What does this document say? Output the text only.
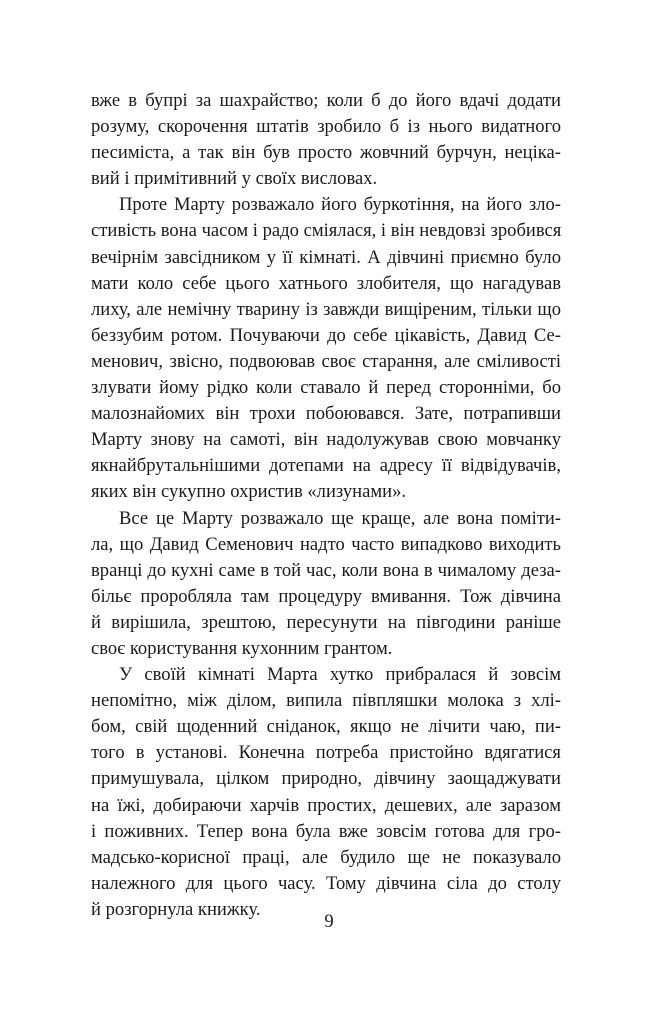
вже в бупрі за шахрайство; коли б до його вдачі додати
розуму, скорочення штатів зробило б із нього видатного
песиміста, а так він був просто жовчний бурчун, неціка-
вий і примітивний у своїх висловах.
Проте Марту розважало його буркотіння, на його зло-
стивість вона часом і радо сміялася, і він невдовзі зробився
вечірнім завсідником у її кімнаті. А дівчині приємно було
мати коло себе цього хатнього злобителя, що нагадував
лиху, але немічну тварину із завжди вищіреним, тільки що
беззубим ротом. Почуваючи до себе цікавість, Давид Се-
менович, звісно, подвоював своє старання, але сміливості
злувати йому рідко коли ставало й перед сторонніми, бо
малознайомих він трохи побоювався. Зате, потрапивши
Марту знову на самоті, він надолужував свою мовчанку
якнайбрутальнішими дотепами на адресу її відвідувачів,
яких він сукупно охристив «лизунами».
Все це Марту розважало ще краще, але вона поміти-
ла, що Давид Семенович надто часто випадково виходить
вранці до кухні саме в той час, коли вона в чималому деза-
більє проробляла там процедуру вмивання. Тож дівчина
й вирішила, зрештою, пересунути на півгодини раніше
своє користування кухонним грантом.
У своїй кімнаті Марта хутко прибралася й зовсім
непомітно, між ділом, випила півпляшки молока з хлі-
бом, свій щоденний сніданок, якщо не лічити чаю, пи-
того в установі. Конечна потреба пристойно вдягатися
примушувала, цілком природно, дівчину заощаджувати
на їжі, добираючи харчів простих, дешевих, але заразом
і поживних. Тепер вона була вже зовсім готова для гро-
мадсько-корисної праці, але будило ще не показувало
належного для цього часу. Тому дівчина сіла до столу
й розгорнула книжку.
9
